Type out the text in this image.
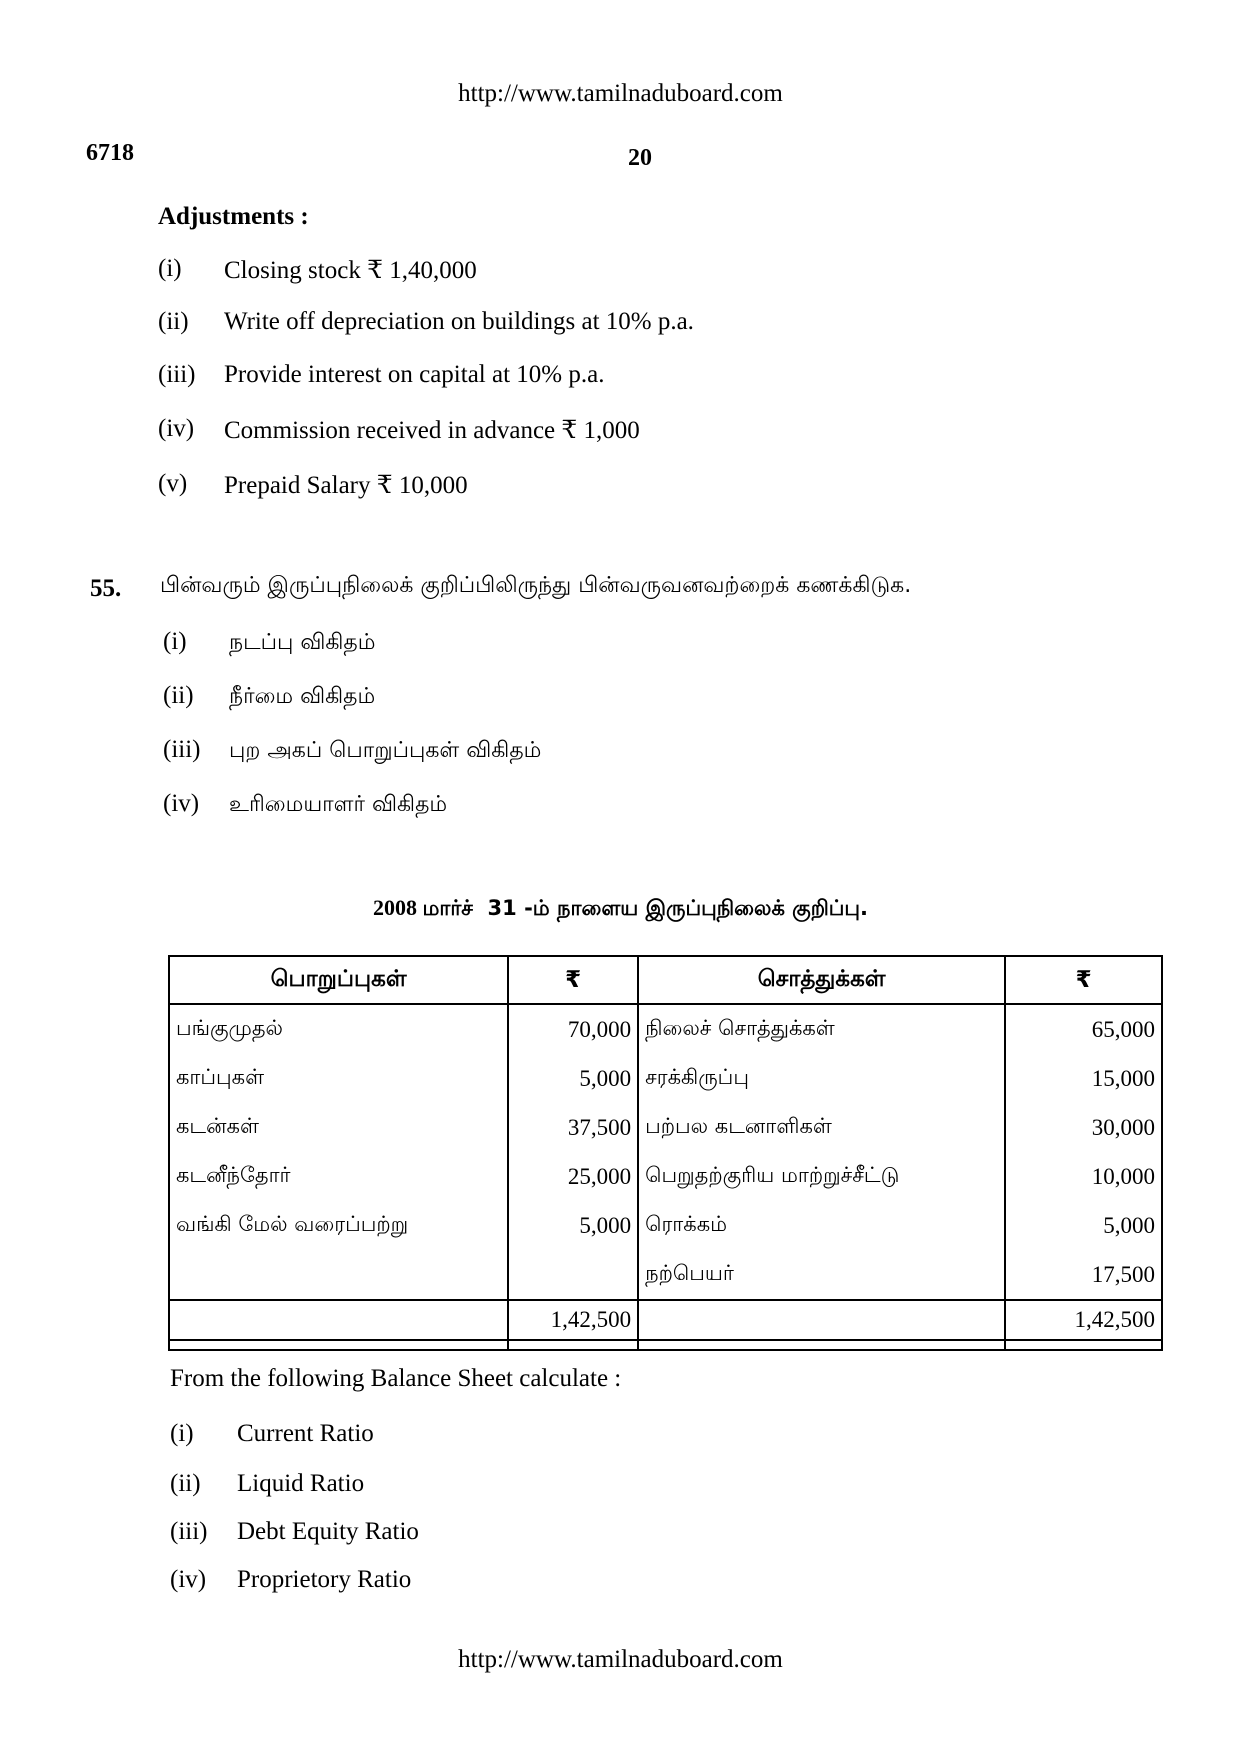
http://www.tamilnaduboard.com
6718	20
Adjustments :
(i) Closing stock ₹ 1,40,000
(ii) Write off depreciation on buildings at 10% p.a.
(iii) Provide interest on capital at 10% p.a.
(iv) Commission received in advance ₹ 1,000
(v) Prepaid Salary ₹ 10,000
55. பின்வரும் இருப்புநிலைக் குறிப்பிலிருந்து பின்வருவனவற்றைக் கணக்கிடுக.
(i) நடப்பு விகிதம்
(ii) நீர்மை விகிதம்
(iii) புற அகப் பொறுப்புகள் விகிதம்
(iv) உரிமையாளர் விகிதம்
2008 மார்ச்  31 -ம் நாளைய இருப்புநிலைக் குறிப்பு.
பொறுப்புகள்	₹	சொத்துக்கள்	₹
பங்குமுதல்	70,000	நிலைச் சொத்துக்கள்	65,000
காப்புகள்	5,000	சரக்கிருப்பு	15,000
கடன்கள்	37,500	பற்பல கடனாளிகள்	30,000
கடனீந்தோர்	25,000	பெறுதற்குரிய மாற்றுச்சீட்டு	10,000
வங்கி மேல் வரைப்பற்று	5,000	ரொக்கம்	5,000
		நற்பெயர்	17,500
	1,42,500		1,42,500

From the following Balance Sheet calculate :
(i) Current Ratio
(ii) Liquid Ratio
(iii) Debt Equity Ratio
(iv) Proprietory Ratio
http://www.tamilnaduboard.com
